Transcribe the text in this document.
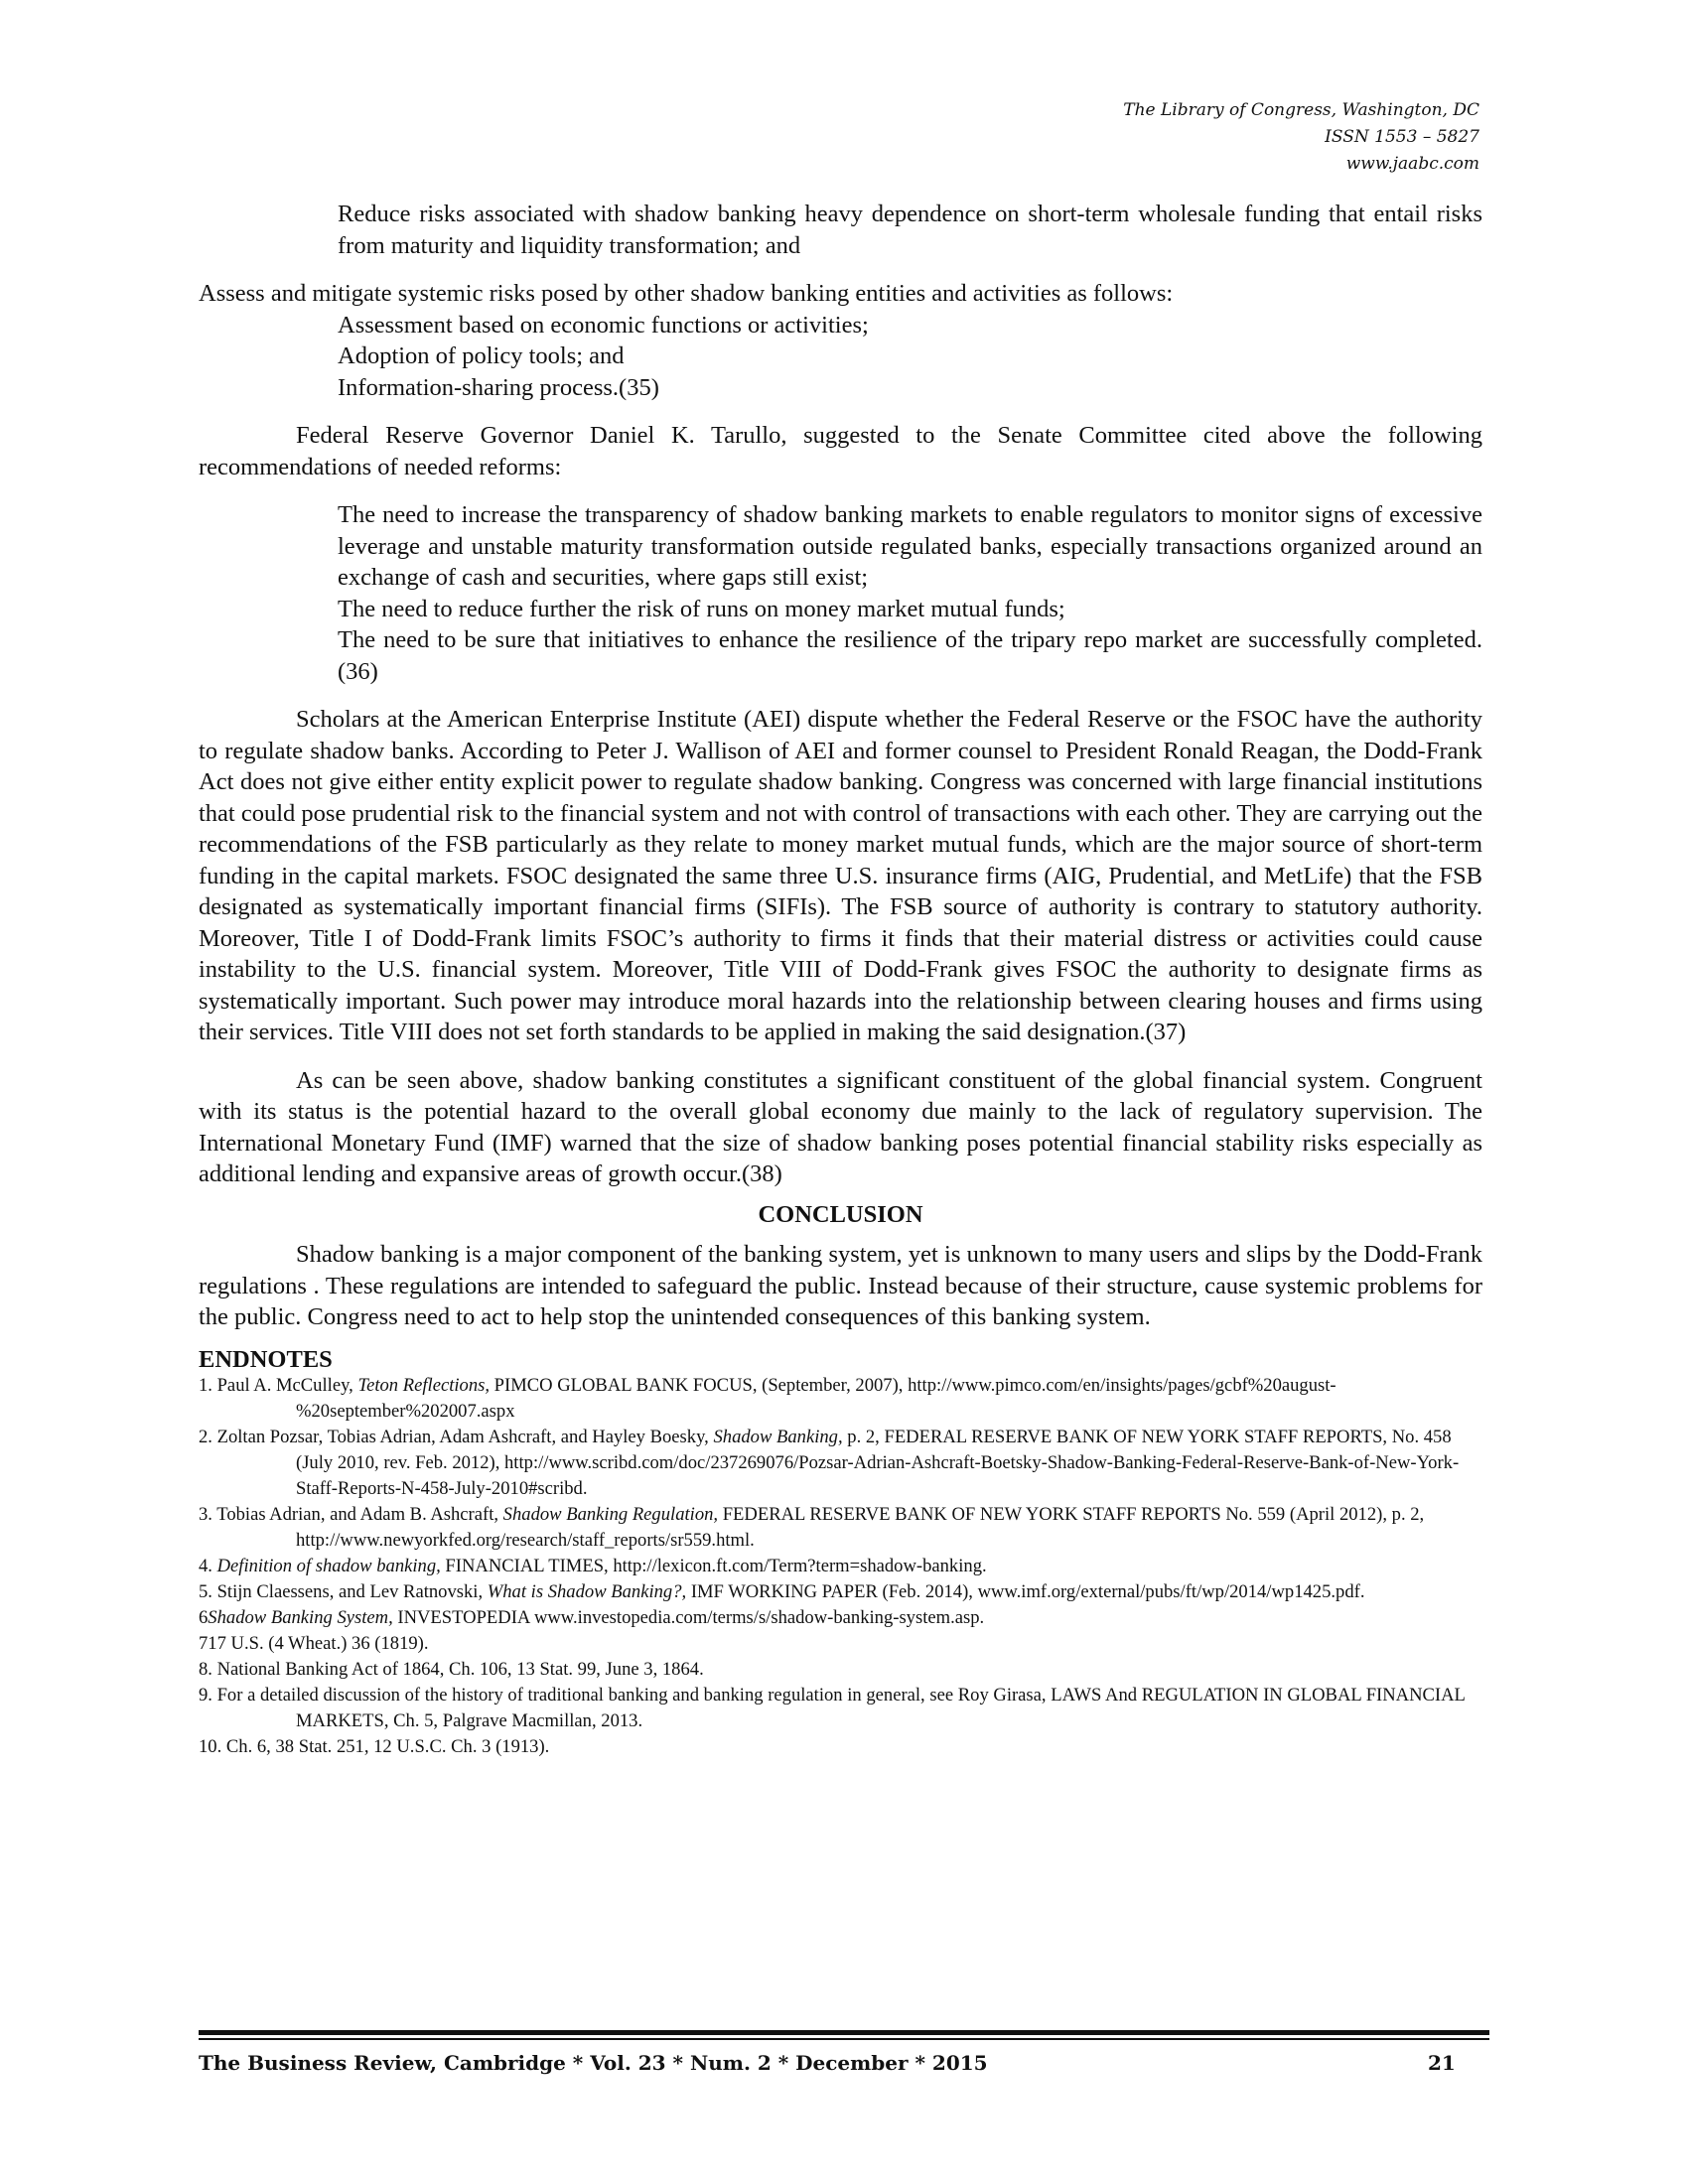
The Library of Congress, Washington, DC
ISSN 1553 – 5827
www.jaabc.com

Reduce risks associated with shadow banking heavy dependence on short-term wholesale funding that entail risks from maturity and liquidity transformation; and

Assess and mitigate systemic risks posed by other shadow banking entities and activities as follows:

Assessment based on economic functions or activities;

Adoption of policy tools; and

Information-sharing process.(35)

Federal Reserve Governor Daniel K. Tarullo, suggested to the Senate Committee cited above the following recommendations of needed reforms:

The need to increase the transparency of shadow banking markets to enable regulators to monitor signs of excessive leverage and unstable maturity transformation outside regulated banks, especially transactions organized around an exchange of cash and securities, where gaps still exist;

The need to reduce further the risk of runs on money market mutual funds;

The need to be sure that initiatives to enhance the resilience of the tripary repo market are successfully completed.(36)

Scholars at the American Enterprise Institute (AEI) dispute whether the Federal Reserve or the FSOC have the authority to regulate shadow banks. According to Peter J. Wallison of AEI and former counsel to President Ronald Reagan, the Dodd-Frank Act does not give either entity explicit power to regulate shadow banking. Congress was concerned with large financial institutions that could pose prudential risk to the financial system and not with control of transactions with each other. They are carrying out the recommendations of the FSB particularly as they relate to money market mutual funds, which are the major source of short-term funding in the capital markets. FSOC designated the same three U.S. insurance firms (AIG, Prudential, and MetLife) that the FSB designated as systematically important financial firms (SIFIs). The FSB source of authority is contrary to statutory authority. Moreover, Title I of Dodd-Frank limits FSOC’s authority to firms it finds that their material distress or activities could cause instability to the U.S. financial system. Moreover, Title VIII of Dodd-Frank gives FSOC the authority to designate firms as systematically important. Such power may introduce moral hazards into the relationship between clearing houses and firms using their services. Title VIII does not set forth standards to be applied in making the said designation.(37)

As can be seen above, shadow banking constitutes a significant constituent of the global financial system. Congruent with its status is the potential hazard to the overall global economy due mainly to the lack of regulatory supervision. The International Monetary Fund (IMF) warned that the size of shadow banking poses potential financial stability risks especially as additional lending and expansive areas of growth occur.(38)

CONCLUSION

Shadow banking is a major component of the banking system, yet is unknown to many users and slips by the Dodd-Frank regulations . These regulations are intended to safeguard the public. Instead because of their structure, cause systemic problems for the public. Congress need to act to help stop the unintended consequences of this banking system.

ENDNOTES
1. Paul A. McCulley, Teton Reflections, PIMCO GLOBAL BANK FOCUS, (September, 2007), http://www.pimco.com/en/insights/pages/gcbf%20august-%20september%202007.aspx
2. Zoltan Pozsar, Tobias Adrian, Adam Ashcraft, and Hayley Boesky, Shadow Banking, p. 2, FEDERAL RESERVE BANK OF NEW YORK STAFF REPORTS, No. 458 (July 2010, rev. Feb. 2012), http://www.scribd.com/doc/237269076/Pozsar-Adrian-Ashcraft-Boetsky-Shadow-Banking-Federal-Reserve-Bank-of-New-York-Staff-Reports-N-458-July-2010#scribd.
3. Tobias Adrian, and Adam B. Ashcraft, Shadow Banking Regulation, FEDERAL RESERVE BANK OF NEW YORK STAFF REPORTS No. 559 (April 2012), p. 2, http://www.newyorkfed.org/research/staff_reports/sr559.html.
4. Definition of shadow banking, FINANCIAL TIMES, http://lexicon.ft.com/Term?term=shadow-banking.
5. Stijn Claessens, and Lev Ratnovski, What is Shadow Banking?, IMF WORKING PAPER (Feb. 2014), www.imf.org/external/pubs/ft/wp/2014/wp1425.pdf.
6Shadow Banking System, INVESTOPEDIA www.investopedia.com/terms/s/shadow-banking-system.asp.
717 U.S. (4 Wheat.) 36 (1819).
8. National Banking Act of 1864, Ch. 106, 13 Stat. 99, June 3, 1864.
9. For a detailed discussion of the history of traditional banking and banking regulation in general, see Roy Girasa, LAWS And REGULATION IN GLOBAL FINANCIAL MARKETS, Ch. 5, Palgrave Macmillan, 2013.
10. Ch. 6, 38 Stat. 251, 12 U.S.C. Ch. 3 (1913).
The Business Review, Cambridge * Vol. 23 * Num. 2 * December * 2015	21
